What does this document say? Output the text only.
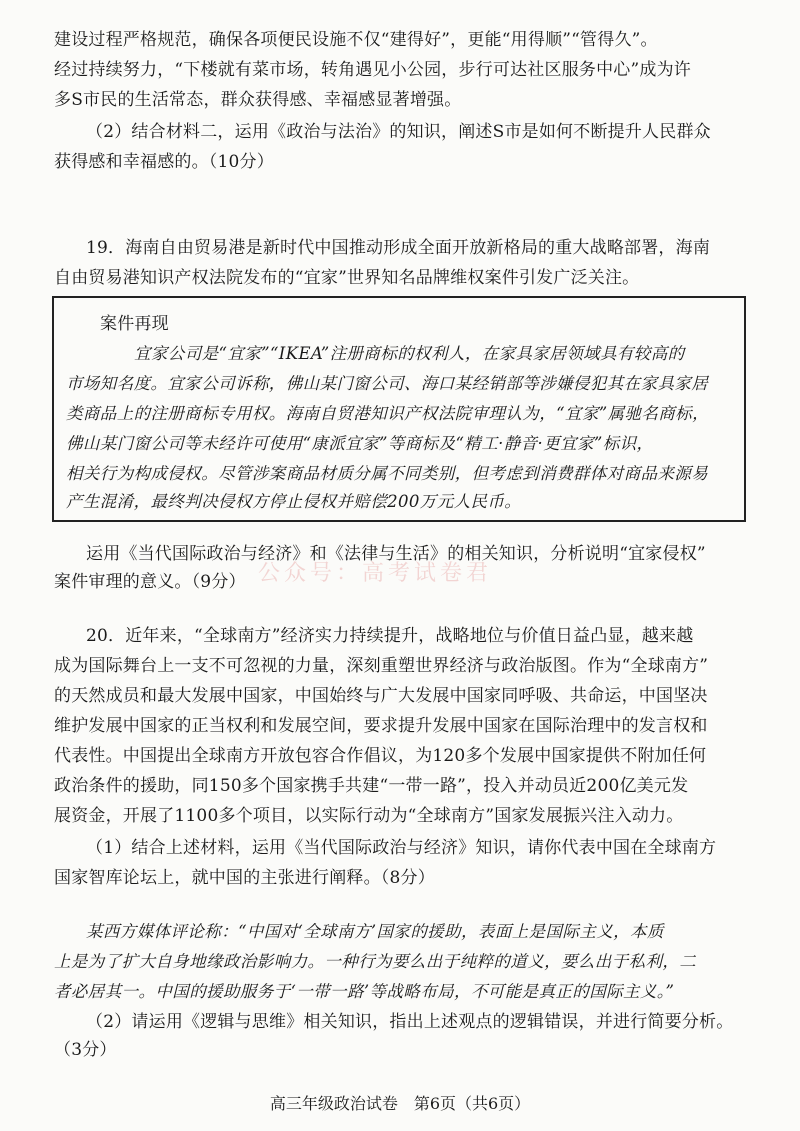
建设过程严格规范，确保各项便民设施不仅“建得好”，更能“用得顺”“管得久”。
经过持续努力，“下楼就有菜市场，转角遇见小公园，步行可达社区服务中心”成为许
多S市民的生活常态，群众获得感、幸福感显著增强。
（2）结合材料二，运用《政治与法治》的知识，阐述S市是如何不断提升人民群众
获得感和幸福感的。（10分）
19．海南自由贸易港是新时代中国推动形成全面开放新格局的重大战略部署，海南
自由贸易港知识产权法院发布的“宜家”世界知名品牌维权案件引发广泛关注。
案件再现
宜家公司是“宜家”“IKEA”注册商标的权利人，在家具家居领域具有较高的
市场知名度。宜家公司诉称，佛山某门窗公司、海口某经销部等涉嫌侵犯其在家具家居
类商品上的注册商标专用权。海南自贸港知识产权法院审理认为，“宜家”属驰名商标，
佛山某门窗公司等未经许可使用“康派宜家”等商标及“精工·静音·更宜家”标识，
相关行为构成侵权。尽管涉案商品材质分属不同类别，但考虑到消费群体对商品来源易
产生混淆，最终判决侵权方停止侵权并赔偿200万元人民币。
运用《当代国际政治与经济》和《法律与生活》的相关知识，分析说明“宜家侵权”
案件审理的意义。（9分） 公众号：高考试卷君
20．近年来，“全球南方”经济实力持续提升，战略地位与价值日益凸显，越来越
成为国际舞台上一支不可忽视的力量，深刻重塑世界经济与政治版图。作为“全球南方”
的天然成员和最大发展中国家，中国始终与广大发展中国家同呼吸、共命运，中国坚决
维护发展中国家的正当权利和发展空间，要求提升发展中国家在国际治理中的发言权和
代表性。中国提出全球南方开放包容合作倡议，为120多个发展中国家提供不附加任何
政治条件的援助，同150多个国家携手共建“一带一路”，投入并动员近200亿美元发
展资金，开展了1100多个项目，以实际行动为“全球南方”国家发展振兴注入动力。
（1）结合上述材料，运用《当代国际政治与经济》知识，请你代表中国在全球南方
国家智库论坛上，就中国的主张进行阐释。（8分）
某西方媒体评论称：“中国对‘全球南方’国家的援助，表面上是国际主义，本质
上是为了扩大自身地缘政治影响力。一种行为要么出于纯粹的道义，要么出于私利，二
者必居其一。中国的援助服务于‘一带一路’等战略布局，不可能是真正的国际主义。”
（2）请运用《逻辑与思维》相关知识，指出上述观点的逻辑错误，并进行简要分析。
（3分）
高三年级政治试卷　第6页（共6页）
